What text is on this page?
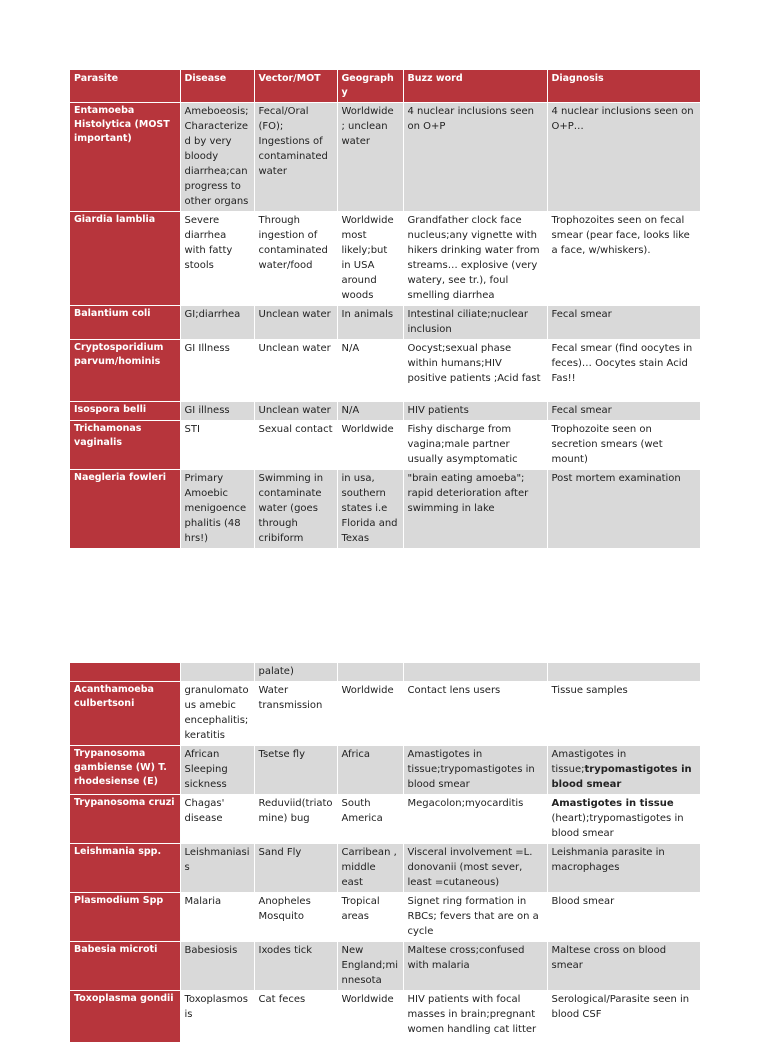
Parasite	Disease	Vector/MOT	Geography	Buzz word	Diagnosis
Entamoeba Histolytica (MOST important)	Ameboeosis; Characterized by very bloody diarrhea;can progress to other organs	Fecal/Oral (FO); Ingestions of contaminated water	Worldwide ; unclean water	4 nuclear inclusions seen on O+P	4 nuclear inclusions seen on O+P…
Giardia lamblia	Severe diarrhea with fatty stools	Through ingestion of contaminated water/food	Worldwide most likely;but in USA around woods	Grandfather clock face nucleus;any vignette with hikers drinking water from streams… explosive (very watery, see tr.), foul smelling diarrhea	Trophozoites seen on fecal smear (pear face, looks like a face, w/whiskers).
Balantium coli	GI;diarrhea	Unclean water	In animals	Intestinal ciliate;nuclear inclusion	Fecal smear
Cryptosporidium parvum/hominis	GI Illness	Unclean water	N/A	Oocyst;sexual phase within humans;HIV positive patients ;Acid fast	Fecal smear (find oocytes in feces)… Oocytes stain Acid Fas!!
Isospora belli	GI illness	Unclean water	N/A	HIV patients	Fecal smear
Trichamonas vaginalis	STI	Sexual contact	Worldwide	Fishy discharge from vagina;male partner usually asymptomatic	Trophozoite seen on secretion smears (wet mount)
Naegleria fowleri	Primary Amoebic menigoencephalitis (48 hrs!)	Swimming in contaminate water (goes through cribiform	in usa, southern states i.e Florida and Texas	"brain eating amoeba"; rapid deterioration after swimming in lake	Post mortem examination
		palate)			
Acanthamoeba culbertsoni	granulomatous amebic encephalitis; keratitis	Water transmission	Worldwide	Contact lens users	Tissue samples
Trypanosoma gambiense (W) T. rhodesiense (E)	African Sleeping sickness	Tsetse fly	Africa	Amastigotes in tissue;trypomastigotes in blood smear	Amastigotes in tissue;trypomastigotes in blood smear
Trypanosoma cruzi	Chagas' disease	Reduviid(triatomine) bug	South America	Megacolon;myocarditis	Amastigotes in tissue (heart);trypomastigotes in blood smear
Leishmania spp.	Leishmaniasis	Sand Fly	Carribean , middle east	Visceral involvement =L. donovanii (most sever, least =cutaneous)	Leishmania parasite in macrophages
Plasmodium Spp	Malaria	Anopheles Mosquito	Tropical areas	Signet ring formation in RBCs; fevers that are on a cycle	Blood smear
Babesia microti	Babesiosis	Ixodes tick	New England;minnesota	Maltese cross;confused with malaria	Maltese cross on blood smear
Toxoplasma gondii	Toxoplasmosis	Cat feces	Worldwide	HIV patients with focal masses in brain;pregnant women handling cat litter	Serological/Parasite seen in blood CSF
